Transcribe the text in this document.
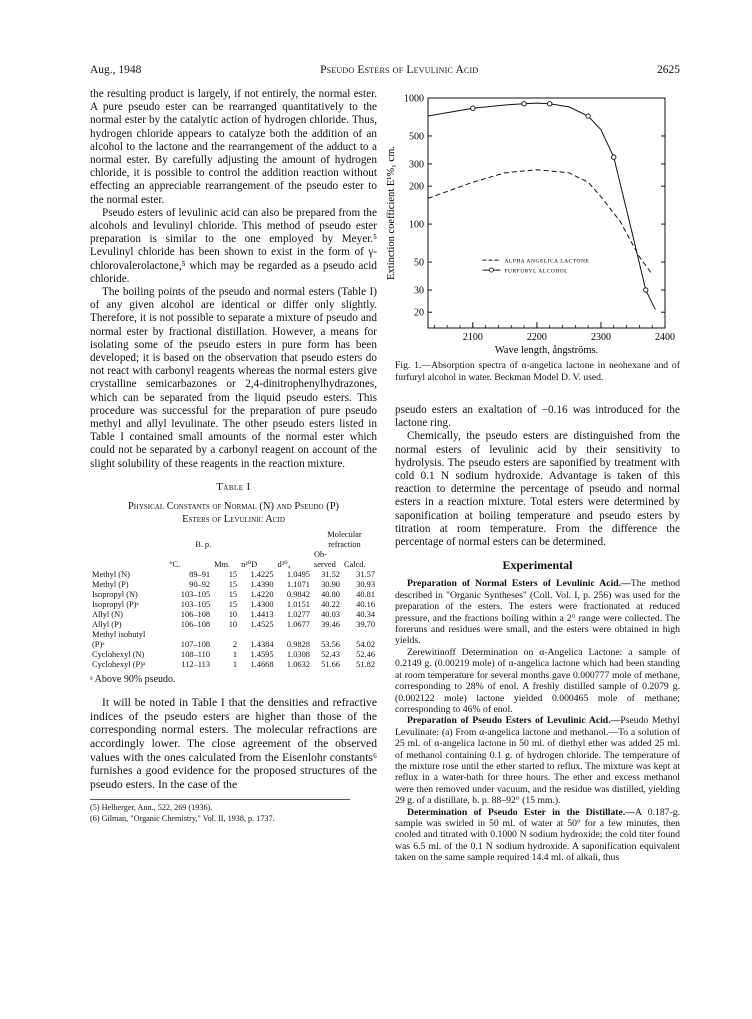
Aug., 1948	Pseudo Esters of Levulinic Acid	2625

the resulting product is largely, if not entirely, the normal ester. A pure pseudo ester can be rearranged quantitatively to the normal ester by the catalytic action of hydrogen chloride. Thus, hydrogen chloride appears to catalyze both the addition of an alcohol to the lactone and the rearrangement of the adduct to a normal ester. By carefully adjusting the amount of hydrogen chloride, it is possible to control the addition reaction without effecting an appreciable rearrangement of the pseudo ester to the normal ester.

Pseudo esters of levulinic acid can also be prepared from the alcohols and levulinyl chloride. This method of pseudo ester preparation is similar to the one employed by Meyer.⁵ Levulinyl chloride has been shown to exist in the form of γ-chlorovalerolactone,⁵ which may be regarded as a pseudo acid chloride.

The boiling points of the pseudo and normal esters (Table I) of any given alcohol are identical or differ only slightly. Therefore, it is not possible to separate a mixture of pseudo and normal ester by fractional distillation. However, a means for isolating some of the pseudo esters in pure form has been developed; it is based on the observation that pseudo esters do not react with carbonyl reagents whereas the normal esters give crystalline semicarbazones or 2,4-dinitrophenylhydrazones, which can be separated from the liquid pseudo esters. This procedure was successful for the preparation of pure pseudo methyl and allyl levulinate. The other pseudo esters listed in Table I contained small amounts of the normal ester which could not be separated by a carbonyl reagent on account of the slight solubility of these reagents in the reaction mixture.

Table I
Physical Constants of Normal (N) and Pseudo (P)
Esters of Levulinic Acid
	B. p.				Molecular refraction	
	°C.	Mm.	n²⁰D	d²⁰₄	Ob- served	Calcd.
Methyl (N)	89–91	15	1.4225	1.0495	31.52	31.57
Methyl (P)	90–92	15	1.4390	1.1071	30.90	30.93
Isopropyl (N)	103–105	15	1.4220	0.9842	40.80	40.81
Isopropyl (P)ᵃ	103–105	15	1.4300	1.0151	40.22	40.16
Allyl (N)	106–108	10	1.4413	1.0277	40.03	40.34
Allyl (P)	106–108	10	1.4525	1.0677	39.46	39.70
Methyl isobutyl						
(P)ᵃ	107–108	2	1.4384	0.9828	53.56	54.02
Cyclohexyl (N)	108–110	1	1.4595	1.0308	52.43	52.46
Cyclohexyl (P)ᵃ	112–113	1	1.4668	1.0632	51.66	51.82
ᵃ Above 90% pseudo.

It will be noted in Table I that the densities and refractive indices of the pseudo esters are higher than those of the corresponding normal esters. The molecular refractions are accordingly lower. The close agreement of the observed values with the ones calculated from the Eisenlohr constants⁶ furnishes a good evidence for the proposed structures of the pseudo esters. In the case of the

(5) Helberger, Ann., 522, 269 (1936).
(6) Gilman, "Organic Chemistry," Vol. II, 1938, p. 1737.
1000
500
300
200
100
50
30
20
2100	2200	2300	2400
Wave length, ångströms.
Extinction coefficient E¹%₁ cm.	ALPHA ANGELICA LACTONE
FURFURYL ALCOHOL
Fig. 1.—Absorption spectra of α-angelica lactone in neohexane and of furfuryl alcohol in water. Beckman Model D. V. used.

pseudo esters an exaltation of −0.16 was introduced for the lactone ring.

Chemically, the pseudo esters are distinguished from the normal esters of levulinic acid by their sensitivity to hydrolysis. The pseudo esters are saponified by treatment with cold 0.1 N sodium hydroxide. Advantage is taken of this reaction to determine the percentage of pseudo and normal esters in a reaction mixture. Total esters were determined by saponification at boiling temperature and pseudo esters by titration at room temperature. From the difference the percentage of normal esters can be determined.

Experimental

Preparation of Normal Esters of Levulinic Acid.—The method described in "Organic Syntheses" (Coll. Vol. I, p. 256) was used for the preparation of the esters. The esters were fractionated at reduced pressure, and the fractions boiling within a 2° range were collected. The foreruns and residues were small, and the esters were obtained in high yields.

Zerewitinoff Determination on α-Angelica Lactone: a sample of 0.2149 g. (0.00219 mole) of α-angelica lactone which had been standing at room temperature for several months gave 0.000777 mole of methane, corresponding to 28% of enol. A freshly distilled sample of 0.2079 g. (0.002122 mole) lactone yielded 0.000465 mole of methane; corresponding to 46% of enol.

Preparation of Pseudo Esters of Levulinic Acid.—Pseudo Methyl Levulinate: (a) From α-angelica lactone and methanol.—To a solution of 25 ml. of α-angelica lactone in 50 ml. of diethyl ether was added 25 ml. of methanol containing 0.1 g. of hydrogen chloride. The temperature of the mixture rose until the ether started to reflux. The mixture was kept at reflux in a water-bath for three hours. The ether and excess methanol were then removed under vacuum, and the residue was distilled, yielding 29 g. of a distillate, b. p. 88–92° (15 mm.).

Determination of Pseudo Ester in the Distillate.—A 0.187-g. sample was swirled in 50 ml. of water at 50° for a few minutes, then cooled and titrated with 0.1000 N sodium hydroxide; the cold titer found was 6.5 ml. of the 0.1 N sodium hydroxide. A saponification equivalent taken on the same sample required 14.4 ml. of alkali, thus
